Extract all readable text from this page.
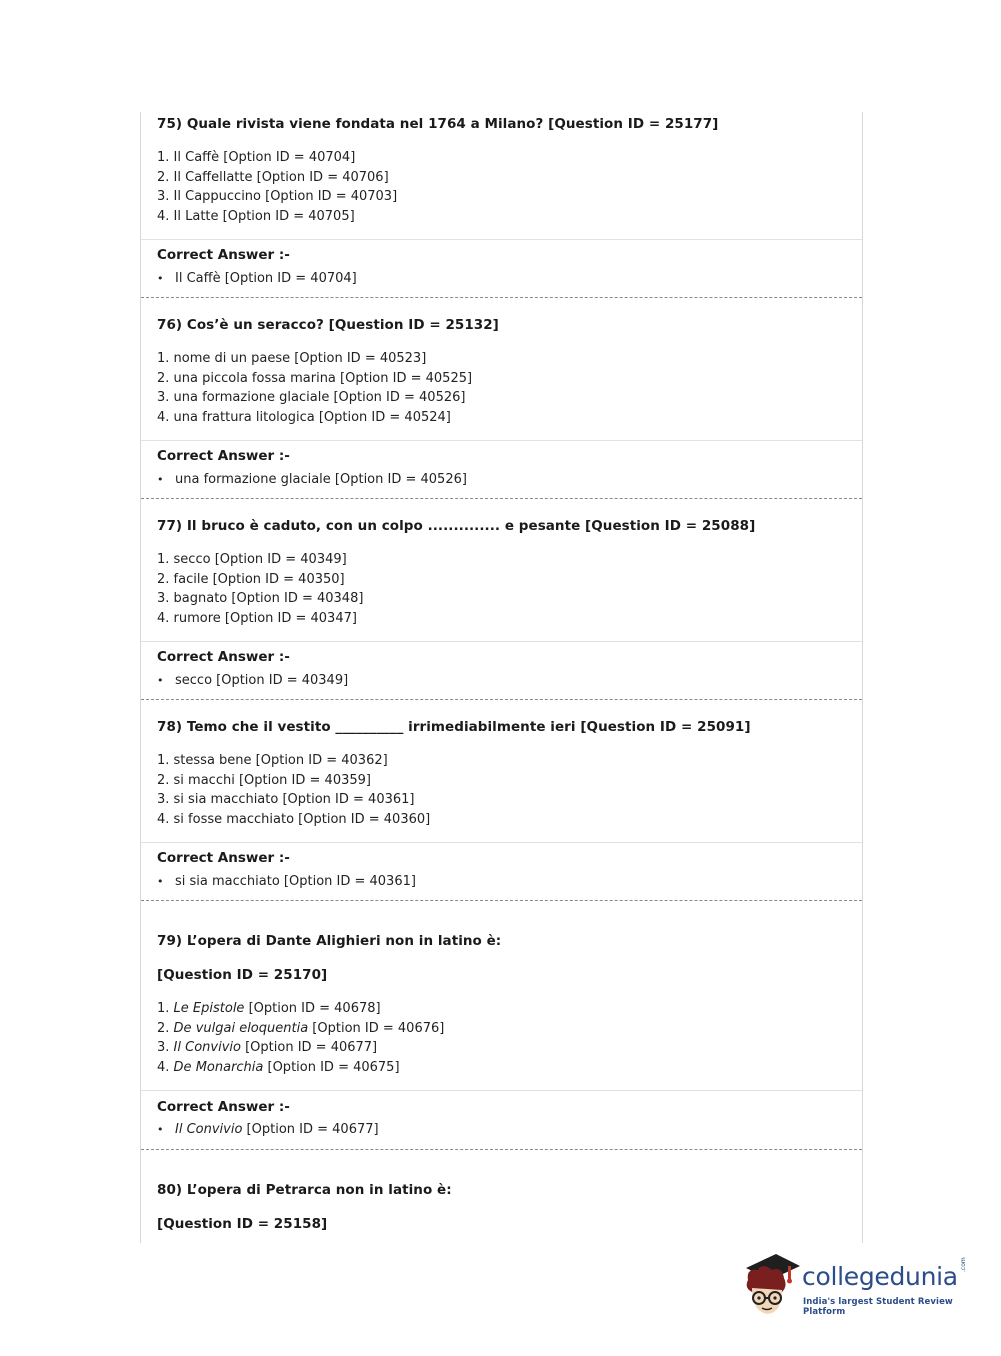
75) Quale rivista viene fondata nel 1764 a Milano? [Question ID = 25177]
1. Il Caffè [Option ID = 40704]
2. Il Caffellatte [Option ID = 40706]
3. Il Cappuccino [Option ID = 40703]
4. Il Latte [Option ID = 40705]
Correct Answer :-
• Il Caffè [Option ID = 40704]
76) Cos’è un seracco? [Question ID = 25132]
1. nome di un paese [Option ID = 40523]
2. una piccola fossa marina [Option ID = 40525]
3. una formazione glaciale [Option ID = 40526]
4. una frattura litologica [Option ID = 40524]
Correct Answer :-
• una formazione glaciale [Option ID = 40526]
77) Il bruco è caduto, con un colpo .............. e pesante [Question ID = 25088]
1. secco [Option ID = 40349]
2. facile [Option ID = 40350]
3. bagnato [Option ID = 40348]
4. rumore [Option ID = 40347]
Correct Answer :-
• secco [Option ID = 40349]
78) Temo che il vestito __________ irrimediabilmente ieri [Question ID = 25091]
1. stessa bene [Option ID = 40362]
2. si macchi [Option ID = 40359]
3. si sia macchiato [Option ID = 40361]
4. si fosse macchiato [Option ID = 40360]
Correct Answer :-
• si sia macchiato [Option ID = 40361]
79) L’opera di Dante Alighieri non in latino è:
[Question ID = 25170]
1. Le Epistole [Option ID = 40678]
2. De vulgai eloquentia [Option ID = 40676]
3. Il Convivio [Option ID = 40677]
4. De Monarchia [Option ID = 40675]
Correct Answer :-
• Il Convivio [Option ID = 40677]
80) L’opera di Petrarca non in latino è:
[Question ID = 25158]
collegedunia .com
India's largest Student Review Platform
